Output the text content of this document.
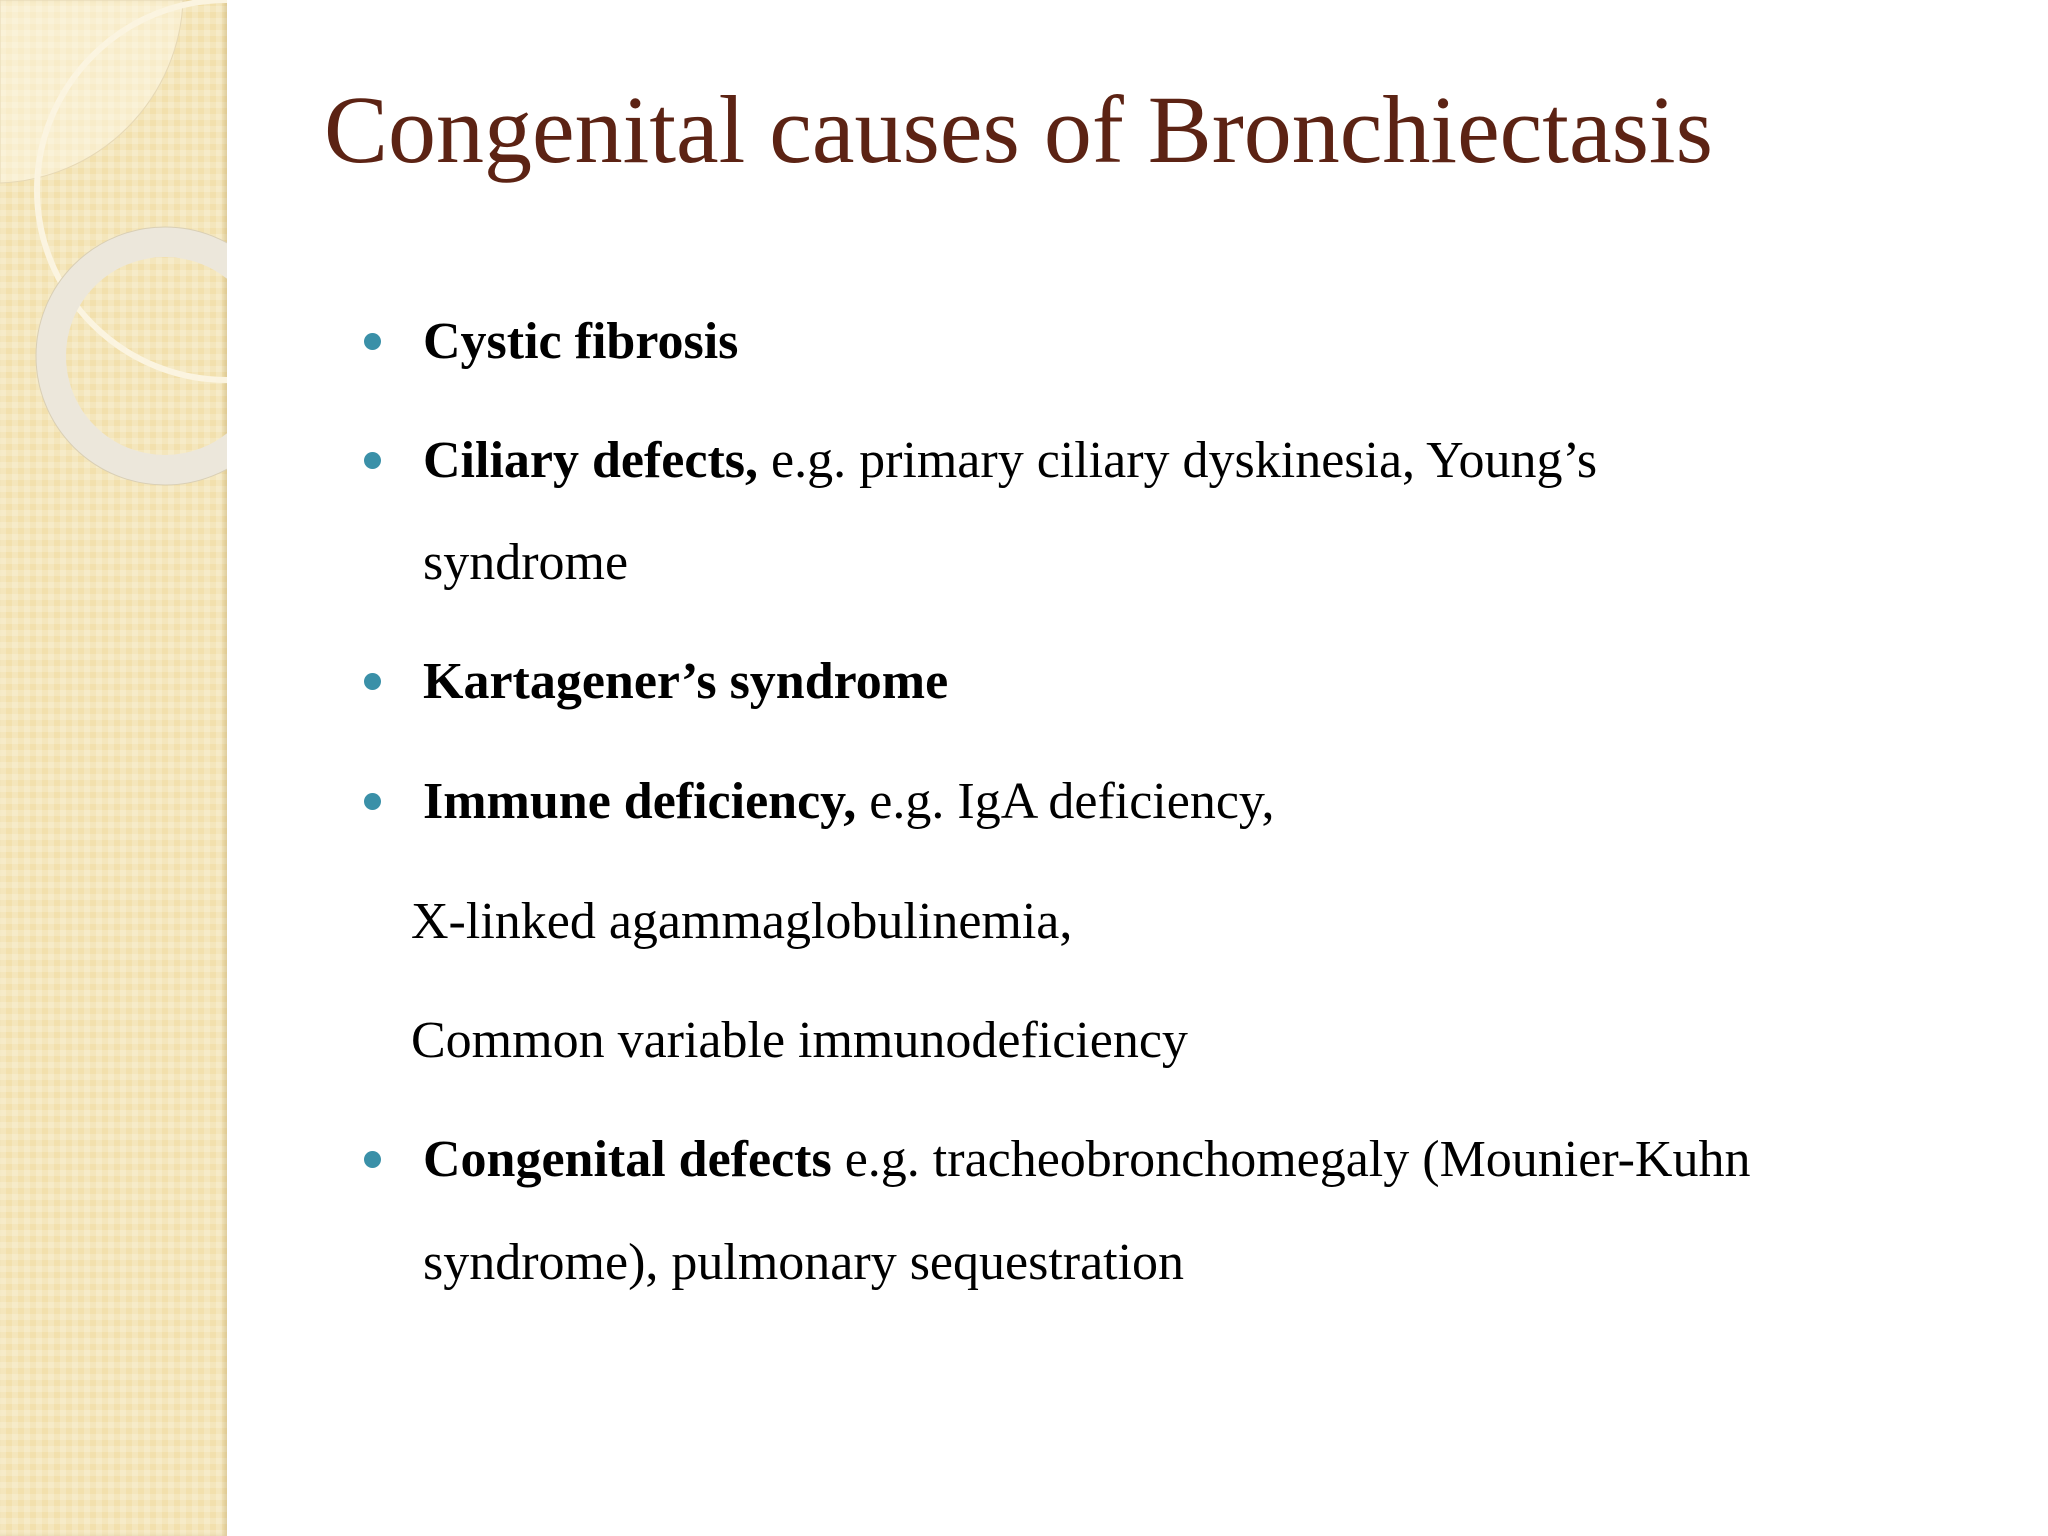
Congenital causes of Bronchiectasis
Cystic fibrosis
Ciliary defects, e.g. primary ciliary dyskinesia, Young’s
syndrome
Kartagener’s syndrome
Immune deficiency, e.g. IgA deficiency,
X-linked agammaglobulinemia,
Common variable immunodeficiency
Congenital defects e.g. tracheobronchomegaly (Mounier-Kuhn
syndrome), pulmonary sequestration
